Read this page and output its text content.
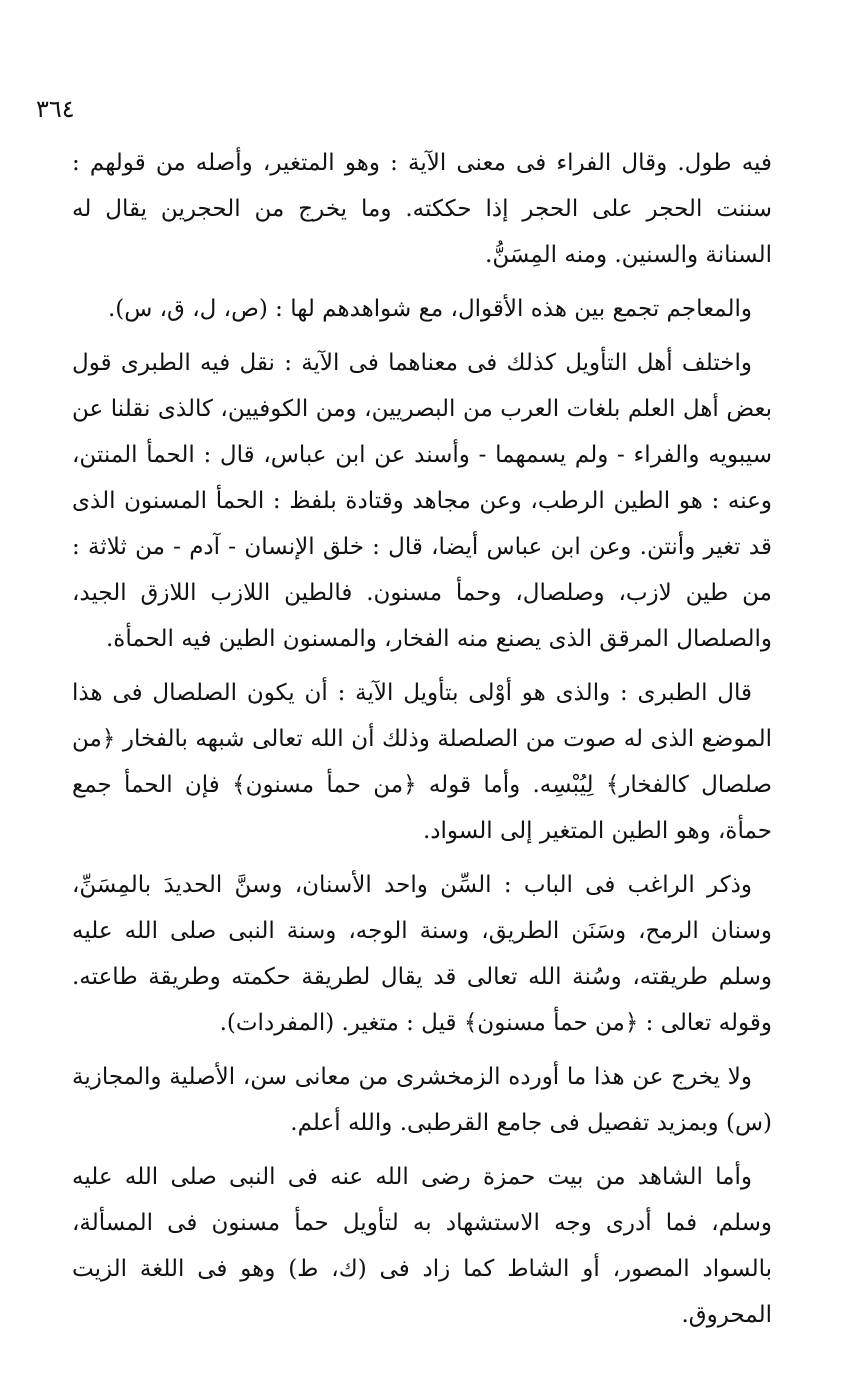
٣٦٤

فيه طول. وقال الفراء فى معنى الآية : وهو المتغير، وأصله من قولهم : سننت الحجر على الحجر إذا حككته. وما يخرج من الحجرين يقال له السنانة والسنين. ومنه المِسَنُّ.

والمعاجم تجمع بين هذه الأقوال، مع شواهدهم لها : (ص، ل، ق، س).

واختلف أهل التأويل كذلك فى معناهما فى الآية : نقل فيه الطبرى قول بعض أهل العلم بلغات العرب من البصريين، ومن الكوفيين، كالذى نقلنا عن سيبويه والفراء - ولم يسمهما - وأسند عن ابن عباس، قال : الحمأ المنتن، وعنه : هو الطين الرطب، وعن مجاهد وقتادة بلفظ : الحمأ المسنون الذى قد تغير وأنتن. وعن ابن عباس أيضا، قال : خلق الإنسان - آدم - من ثلاثة : من طين لازب، وصلصال، وحمأ مسنون. فالطين اللازب اللازق الجيد، والصلصال المرقق الذى يصنع منه الفخار، والمسنون الطين فيه الحمأة.

قال الطبرى : والذى هو أوْلى بتأويل الآية : أن يكون الصلصال فى هذا الموضع الذى له صوت من الصلصلة وذلك أن الله تعالى شبهه بالفخار ﴿من صلصال كالفخار﴾ لِيُبْسِه. وأما قوله ﴿من حمأ مسنون﴾ فإن الحمأ جمع حمأة، وهو الطين المتغير إلى السواد.

وذكر الراغب فى الباب : السِّن واحد الأسنان، وسنَّ الحديدَ بالمِسَنِّ، وسنان الرمح، وسَنَن الطريق، وسنة الوجه، وسنة النبى صلى الله عليه وسلم طريقته، وسُنة الله تعالى قد يقال لطريقة حكمته وطريقة طاعته. وقوله تعالى : ﴿من حمأ مسنون﴾ قيل : متغير. (المفردات).

ولا يخرج عن هذا ما أورده الزمخشرى من معانى سن، الأصلية والمجازية (س) وبمزيد تفصيل فى جامع القرطبى. والله أعلم.

وأما الشاهد من بيت حمزة رضى الله عنه فى النبى صلى الله عليه وسلم، فما أدرى وجه الاستشهاد به لتأويل حمأ مسنون فى المسألة، بالسواد المصور، أو الشاط كما زاد فى (ك، ط) وهو فى اللغة الزيت المحروق.
